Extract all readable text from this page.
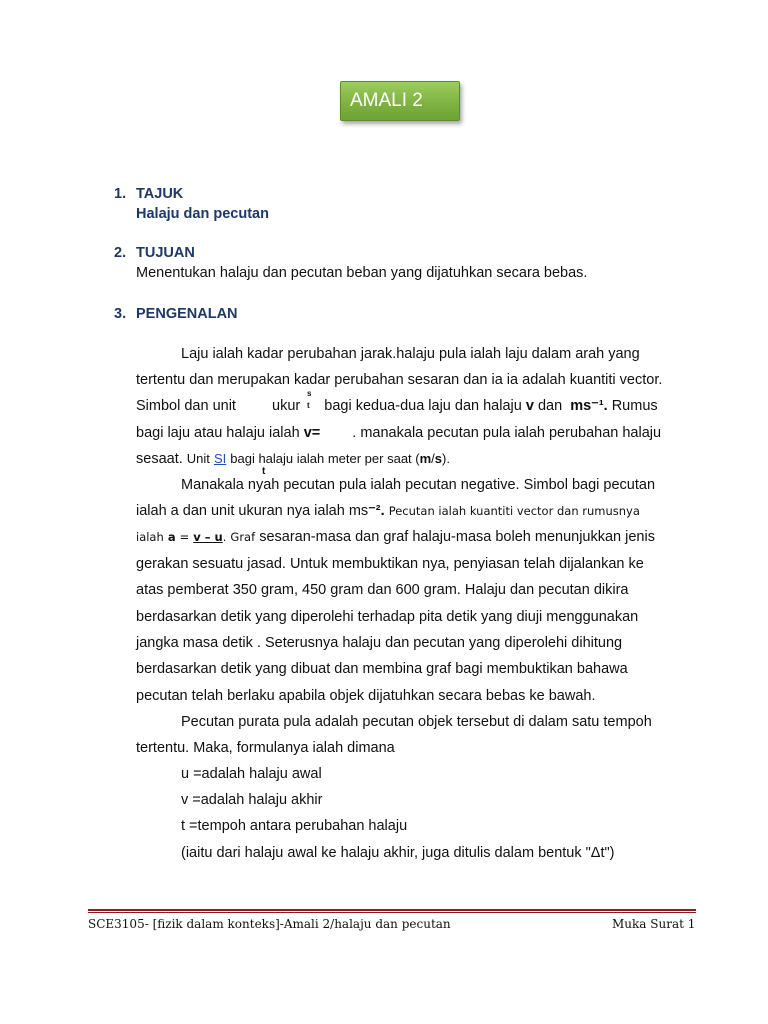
AMALI 2
1. TAJUK
Halaju dan pecutan
2. TUJUAN
Menentukan halaju dan pecutan beban yang dijatuhkan secara bebas.
3. PENGENALAN
Laju ialah kadar perubahan jarak.halaju pula ialah laju dalam arah yang
tertentu dan merupakan kadar perubahan sesaran dan ia ia adalah kuantiti vector.
Simbol dan unit ukur bagi kedua-dua laju dan halaju v dan ms⁻¹. Rumus
s
t
bagi laju atau halaju ialah v= . manakala pecutan pula ialah perubahan halaju
sesaat. Unit SI bagi halaju ialah meter per saat (m/s).
t
Manakala nyah pecutan pula ialah pecutan negative. Simbol bagi pecutan
ialah a dan unit ukuran nya ialah ms⁻². Pecutan ialah kuantiti vector dan rumusnya
ialah a = v – u. Graf sesaran-masa dan graf halaju-masa boleh menunjukkan jenis
gerakan sesuatu jasad. Untuk membuktikan nya, penyiasan telah dijalankan ke
atas pemberat 350 gram, 450 gram dan 600 gram. Halaju dan pecutan dikira
berdasarkan detik yang diperolehi terhadap pita detik yang diuji menggunakan
jangka masa detik . Seterusnya halaju dan pecutan yang diperolehi dihitung
berdasarkan detik yang dibuat dan membina graf bagi membuktikan bahawa
pecutan telah berlaku apabila objek dijatuhkan secara bebas ke bawah.
Pecutan purata pula adalah pecutan objek tersebut di dalam satu tempoh
tertentu. Maka, formulanya ialah dimana
u =adalah halaju awal
v =adalah halaju akhir
t =tempoh antara perubahan halaju
(iaitu dari halaju awal ke halaju akhir, juga ditulis dalam bentuk "Δt")
SCE3105- [fizik dalam konteks]-Amali 2/halaju dan pecutan	Muka Surat 1
